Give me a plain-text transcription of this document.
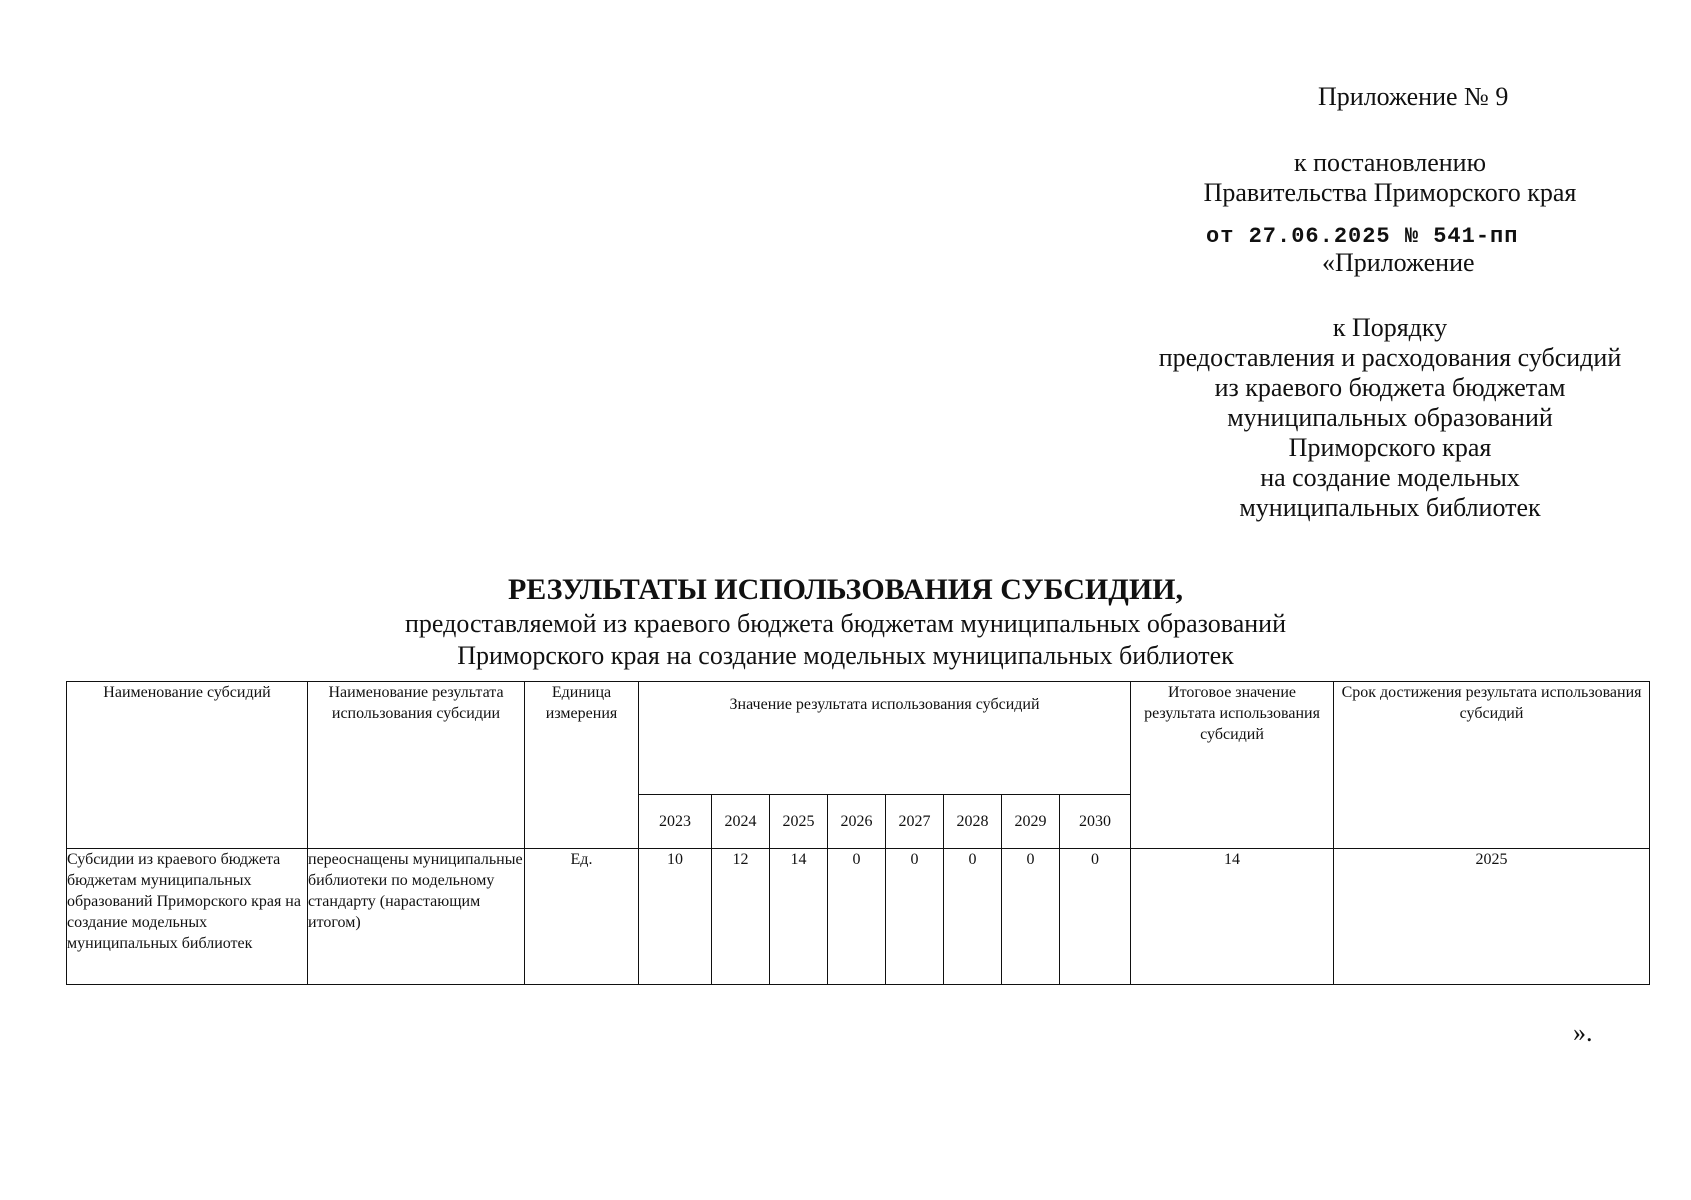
Приложение № 9
к постановлению
Правительства Приморского края
от 27.06.2025 № 541-пп
«Приложение
к Порядку
предоставления и расходования субсидий
из краевого бюджета бюджетам
муниципальных образований
Приморского края
на создание модельных
муниципальных библиотек
РЕЗУЛЬТАТЫ ИСПОЛЬЗОВАНИЯ СУБСИДИИ,
предоставляемой из краевого бюджета бюджетам муниципальных образований
Приморского края на создание модельных муниципальных библиотек
Наименование субсидий	Наименование результата использования субсидии	Единица измерения	Значение результата использования субсидий								Итоговое значение результата использования субсидий	Срок достижения результата использования субсидий
			2023	2024	2025	2026	2027	2028	2029	2030		
Субсидии из краевого бюджета бюджетам муниципальных образований Приморского края на создание модельных муниципальных библиотек	переоснащены муниципальные библиотеки по модельному стандарту (нарастающим итогом)	Ед.	10	12	14	0	0	0	0	0	14	2025
».
